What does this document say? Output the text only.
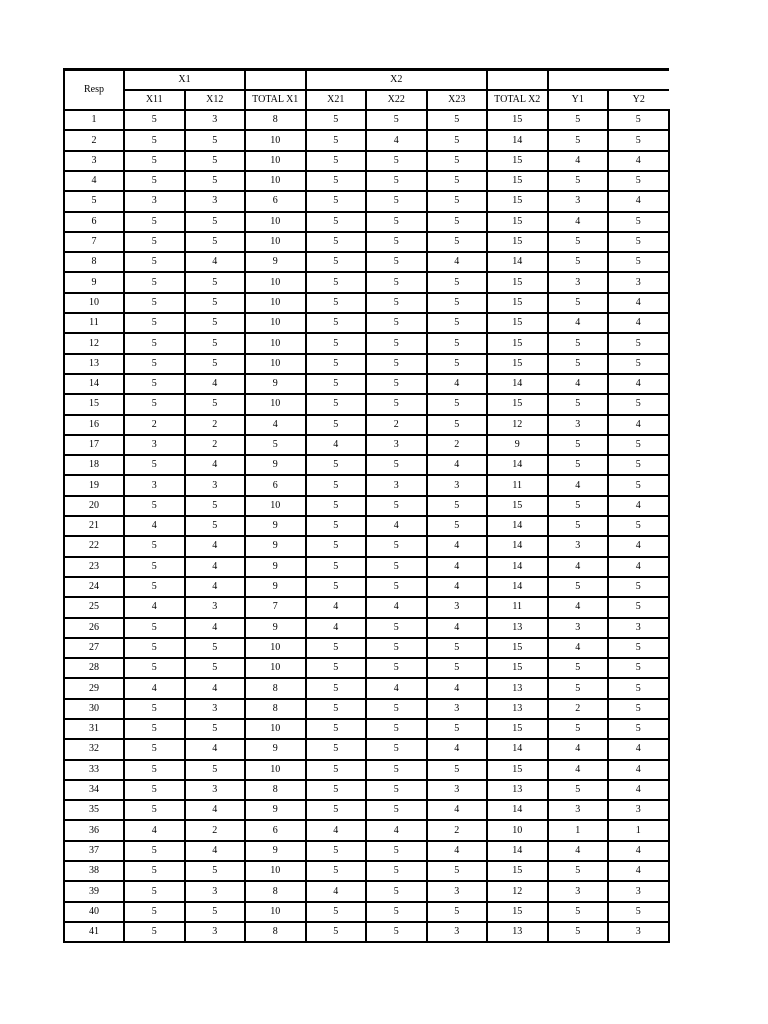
Resp	X1			X2					
	X11	X12	TOTAL X1	X21	X22	X23	TOTAL X2	Y1	Y2
1	5	3	8	5	5	5	15	5	5
2	5	5	10	5	4	5	14	5	5
3	5	5	10	5	5	5	15	4	4
4	5	5	10	5	5	5	15	5	5
5	3	3	6	5	5	5	15	3	4
6	5	5	10	5	5	5	15	4	5
7	5	5	10	5	5	5	15	5	5
8	5	4	9	5	5	4	14	5	5
9	5	5	10	5	5	5	15	3	3
10	5	5	10	5	5	5	15	5	4
11	5	5	10	5	5	5	15	4	4
12	5	5	10	5	5	5	15	5	5
13	5	5	10	5	5	5	15	5	5
14	5	4	9	5	5	4	14	4	4
15	5	5	10	5	5	5	15	5	5
16	2	2	4	5	2	5	12	3	4
17	3	2	5	4	3	2	9	5	5
18	5	4	9	5	5	4	14	5	5
19	3	3	6	5	3	3	11	4	5
20	5	5	10	5	5	5	15	5	4
21	4	5	9	5	4	5	14	5	5
22	5	4	9	5	5	4	14	3	4
23	5	4	9	5	5	4	14	4	4
24	5	4	9	5	5	4	14	5	5
25	4	3	7	4	4	3	11	4	5
26	5	4	9	4	5	4	13	3	3
27	5	5	10	5	5	5	15	4	5
28	5	5	10	5	5	5	15	5	5
29	4	4	8	5	4	4	13	5	5
30	5	3	8	5	5	3	13	2	5
31	5	5	10	5	5	5	15	5	5
32	5	4	9	5	5	4	14	4	4
33	5	5	10	5	5	5	15	4	4
34	5	3	8	5	5	3	13	5	4
35	5	4	9	5	5	4	14	3	3
36	4	2	6	4	4	2	10	1	1
37	5	4	9	5	5	4	14	4	4
38	5	5	10	5	5	5	15	5	4
39	5	3	8	4	5	3	12	3	3
40	5	5	10	5	5	5	15	5	5
41	5	3	8	5	5	3	13	5	3
